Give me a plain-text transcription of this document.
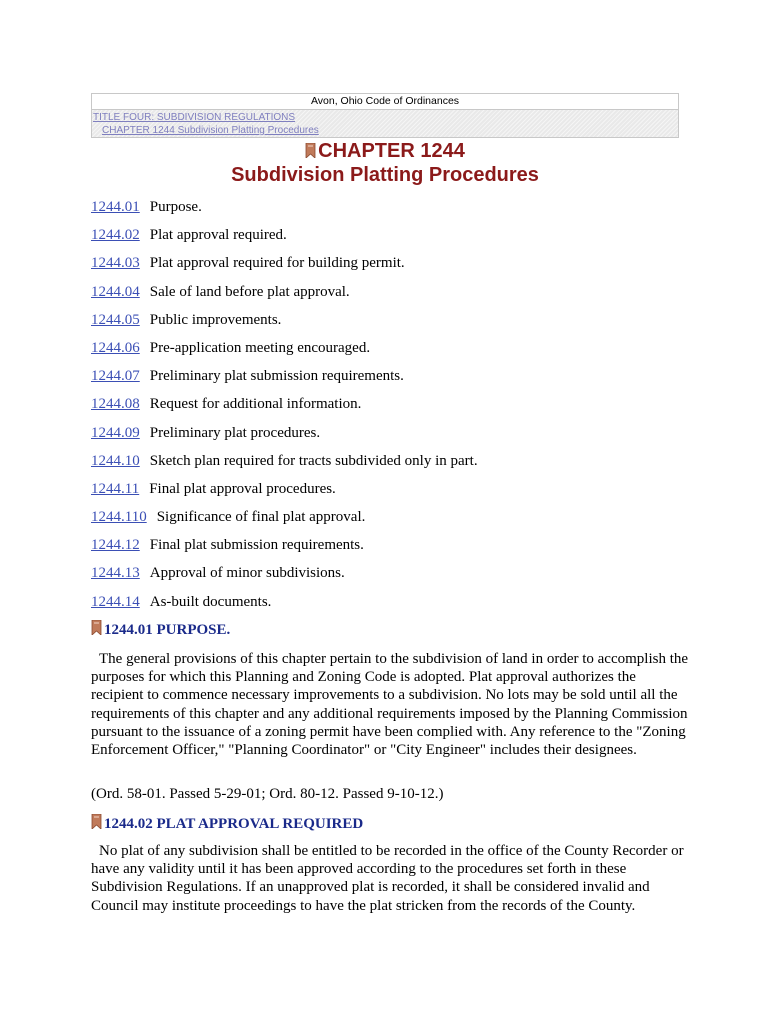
Avon, Ohio Code of Ordinances
TITLE FOUR: SUBDIVISION REGULATIONS
CHAPTER 1244 Subdivision Platting Procedures
CHAPTER 1244
Subdivision Platting Procedures
1244.01 Purpose.
1244.02 Plat approval required.
1244.03 Plat approval required for building permit.
1244.04 Sale of land before plat approval.
1244.05 Public improvements.
1244.06 Pre-application meeting encouraged.
1244.07 Preliminary plat submission requirements.
1244.08 Request for additional information.
1244.09 Preliminary plat procedures.
1244.10 Sketch plan required for tracts subdivided only in part.
1244.11 Final plat approval procedures.
1244.110 Significance of final plat approval.
1244.12 Final plat submission requirements.
1244.13 Approval of minor subdivisions.
1244.14 As-built documents.
1244.01 PURPOSE.

The general provisions of this chapter pertain to the subdivision of land in order to accomplish the purposes for which this Planning and Zoning Code is adopted. Plat approval authorizes the recipient to commence necessary improvements to a subdivision. No lots may be sold until all the requirements of this chapter and any additional requirements imposed by the Planning Commission pursuant to the issuance of a zoning permit have been complied with. Any reference to the "Zoning Enforcement Officer," "Planning Coordinator" or "City Engineer" includes their designees.

(Ord. 58-01. Passed 5-29-01; Ord. 80-12. Passed 9-10-12.)

1244.02 PLAT APPROVAL REQUIRED

No plat of any subdivision shall be entitled to be recorded in the office of the County Recorder or have any validity until it has been approved according to the procedures set forth in these Subdivision Regulations. If an unapproved plat is recorded, it shall be considered invalid and Council may institute proceedings to have the plat stricken from the records of the County.
